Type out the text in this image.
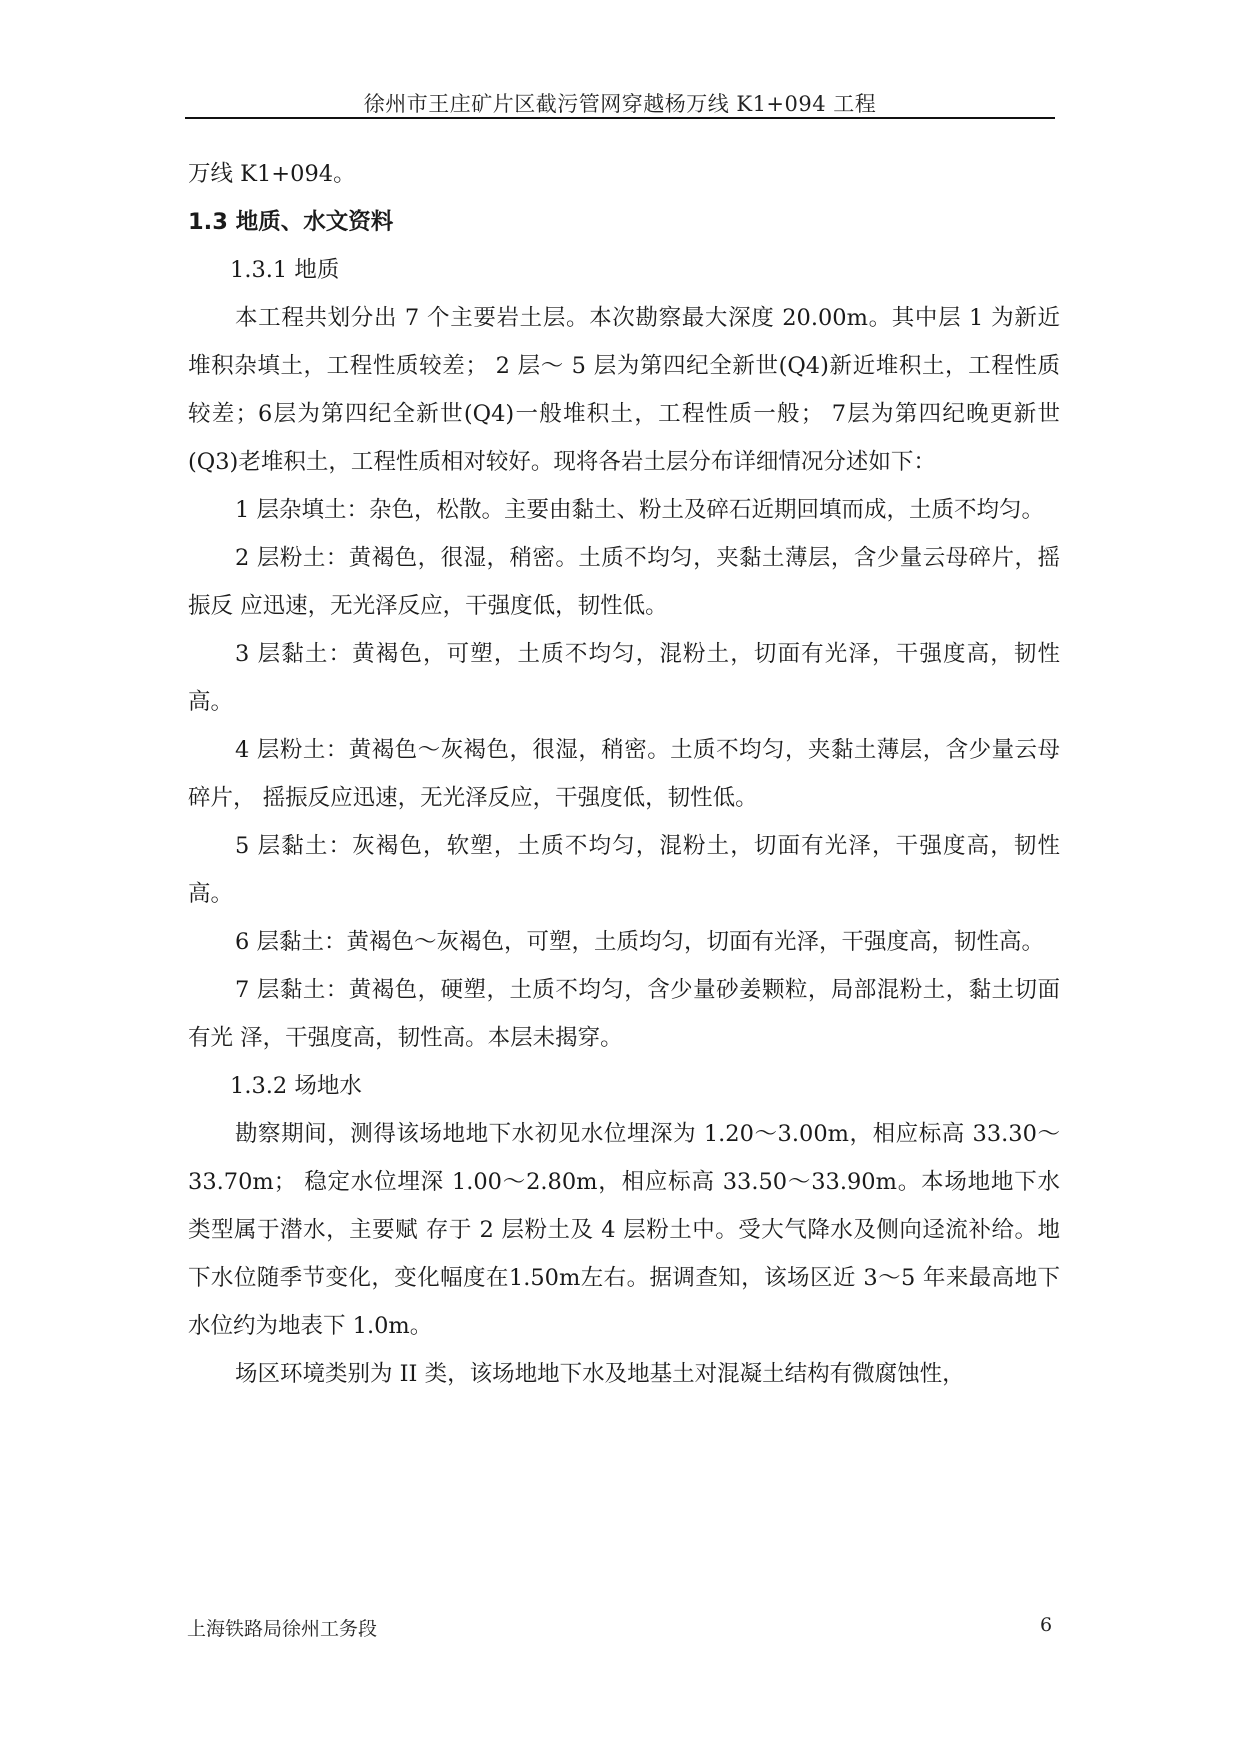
徐州市王庄矿片区截污管网穿越杨万线 K1+094 工程

万线 K1+094。

1.3 地质、水文资料

1.3.1 地质

本工程共划分出 7 个主要岩土层。本次勘察最大深度 20.00m。其中层 1 为新近堆积杂填土，工程性质较差； 2 层～ 5 层为第四纪全新世(Q4)新近堆积土，工程性质较差；6层为第四纪全新世(Q4)一般堆积土，工程性质一般； 7层为第四纪晚更新世(Q3)老堆积土，工程性质相对较好。现将各岩土层分布详细情况分述如下：

1 层杂填土：杂色，松散。主要由黏土、粉土及碎石近期回填而成，土质不均匀。

2 层粉土：黄褐色，很湿，稍密。土质不均匀，夹黏土薄层，含少量云母碎片，摇振反 应迅速，无光泽反应，干强度低，韧性低。

3 层黏土：黄褐色，可塑，土质不均匀，混粉土，切面有光泽，干强度高，韧性高。

4 层粉土：黄褐色～灰褐色，很湿，稍密。土质不均匀，夹黏土薄层，含少量云母碎片， 摇振反应迅速，无光泽反应，干强度低，韧性低。

5 层黏土：灰褐色，软塑，土质不均匀，混粉土，切面有光泽，干强度高，韧性高。

6 层黏土：黄褐色～灰褐色，可塑，土质均匀，切面有光泽，干强度高，韧性高。

7 层黏土：黄褐色，硬塑，土质不均匀，含少量砂姜颗粒，局部混粉土，黏土切面有光 泽，干强度高，韧性高。本层未揭穿。

1.3.2 场地水

勘察期间，测得该场地地下水初见水位埋深为 1.20～3.00m，相应标高 33.30～33.70m； 稳定水位埋深 1.00～2.80m，相应标高 33.50～33.90m。本场地地下水类型属于潜水，主要赋 存于 2 层粉土及 4 层粉土中。受大气降水及侧向迳流补给。地下水位随季节变化，变化幅度在1.50m左右。据调查知，该场区近 3～5 年来最高地下水位约为地表下 1.0m。

场区环境类别为 II 类，该场地地下水及地基土对混凝土结构有微腐蚀性，

上海铁路局徐州工务段	6
